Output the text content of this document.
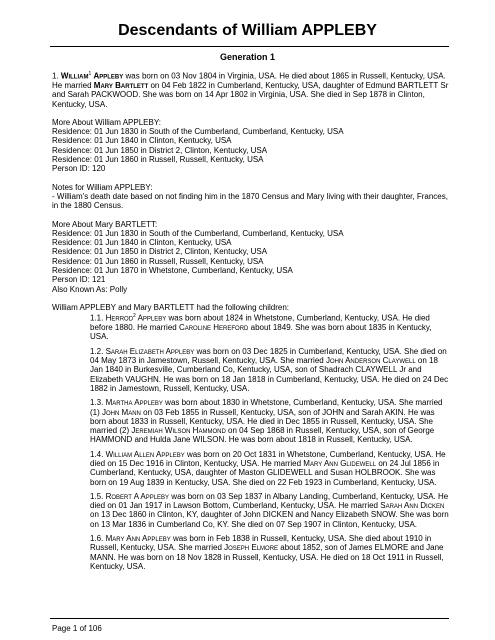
Descendants of William APPLEBY
Generation 1

1. William$^1$ Appleby was born on 03 Nov 1804 in Virginia, USA. He died about 1865 in Russell, Kentucky, USA. He married Mary Bartlett on 04 Feb 1822 in Cumberland, Kentucky, USA, daughter of Edmund BARTLETT Sr and Sarah PACKWOOD. She was born on 14 Apr 1802 in Virginia, USA. She died in Sep 1878 in Clinton, Kentucky, USA.

More About William APPLEBY:

Residence: 01 Jun 1830 in South of the Cumberland, Cumberland, Kentucky, USA

Residence: 01 Jun 1840 in Clinton, Kentucky, USA

Residence: 01 Jun 1850 in District 2, Clinton, Kentucky, USA

Residence: 01 Jun 1860 in Russell, Russell, Kentucky, USA

Person ID: 120

Notes for William APPLEBY:

- William's death date based on not finding him in the 1870 Census and Mary living with their daughter, Frances, in the 1880 Census.

More About Mary BARTLETT:

Residence: 01 Jun 1830 in South of the Cumberland, Cumberland, Kentucky, USA

Residence: 01 Jun 1840 in Clinton, Kentucky, USA

Residence: 01 Jun 1850 in District 2, Clinton, Kentucky, USA

Residence: 01 Jun 1860 in Russell, Russell, Kentucky, USA

Residence: 01 Jun 1870 in Whetstone, Cumberland, Kentucky, USA

Person ID: 121

Also Known As: Polly

William APPLEBY and Mary BARTLETT had the following children:

1.1. Herrod$^2$ Appleby was born about 1824 in Whetstone, Cumberland, Kentucky, USA. He died before 1880. He married Caroline Hereford about 1849. She was born about 1835 in Kentucky, USA.

1.2. Sarah Elizabeth Appleby was born on 03 Dec 1825 in Cumberland, Kentucky, USA. She died on 04 May 1873 in Jamestown, Russell, Kentucky, USA. She married John Anderson Claywell on 18 Jan 1840 in Burkesville, Cumberland Co, Kentucky, USA, son of Shadrach CLAYWELL Jr and Elizabeth VAUGHN. He was born on 18 Jan 1818 in Cumberland, Kentucky, USA. He died on 24 Dec 1882 in Jamestown, Russell, Kentucky, USA.

1.3. Martha Appleby was born about 1830 in Whetstone, Cumberland, Kentucky, USA. She married (1) John Mann on 03 Feb 1855 in Russell, Kentucky, USA, son of JOHN and Sarah AKIN. He was born about 1833 in Russell, Kentucky, USA. He died in Dec 1855 in Russell, Kentucky, USA. She married (2) Jeremiah Wilson Hammond on 04 Sep 1868 in Russell, Kentucky, USA, son of George HAMMOND and Hulda Jane WILSON. He was born about 1818 in Russell, Kentucky, USA.

1.4. William Allen Appleby was born on 20 Oct 1831 in Whetstone, Cumberland, Kentucky, USA. He died on 15 Dec 1916 in Clinton, Kentucky, USA. He married Mary Ann Glidewell on 24 Jul 1856 in Cumberland, Kentucky, USA, daughter of Maston GLIDEWELL and Susan HOLBROOK. She was born on 19 Aug 1839 in Kentucky, USA. She died on 22 Feb 1923 in Cumberland, Kentucky, USA.

1.5. Robert A Appleby was born on 03 Sep 1837 in Albany Landing, Cumberland, Kentucky, USA. He died on 01 Jan 1917 in Lawson Bottom, Cumberland, Kentucky, USA. He married Sarah Ann Dicken on 13 Dec 1860 in Clinton, KY, daughter of John DICKEN and Nancy Elizabeth SNOW. She was born on 13 Mar 1836 in Cumberland Co, KY. She died on 07 Sep 1907 in Clinton, Kentucky, USA.

1.6. Mary Ann Appleby was born in Feb 1838 in Russell, Kentucky, USA. She died about 1910 in Russell, Kentucky, USA. She married Joseph Elmore about 1852, son of James ELMORE and Jane MANN. He was born on 18 Nov 1828 in Russell, Kentucky, USA. He died on 18 Oct 1911 in Russell, Kentucky, USA.

Page 1 of 106
